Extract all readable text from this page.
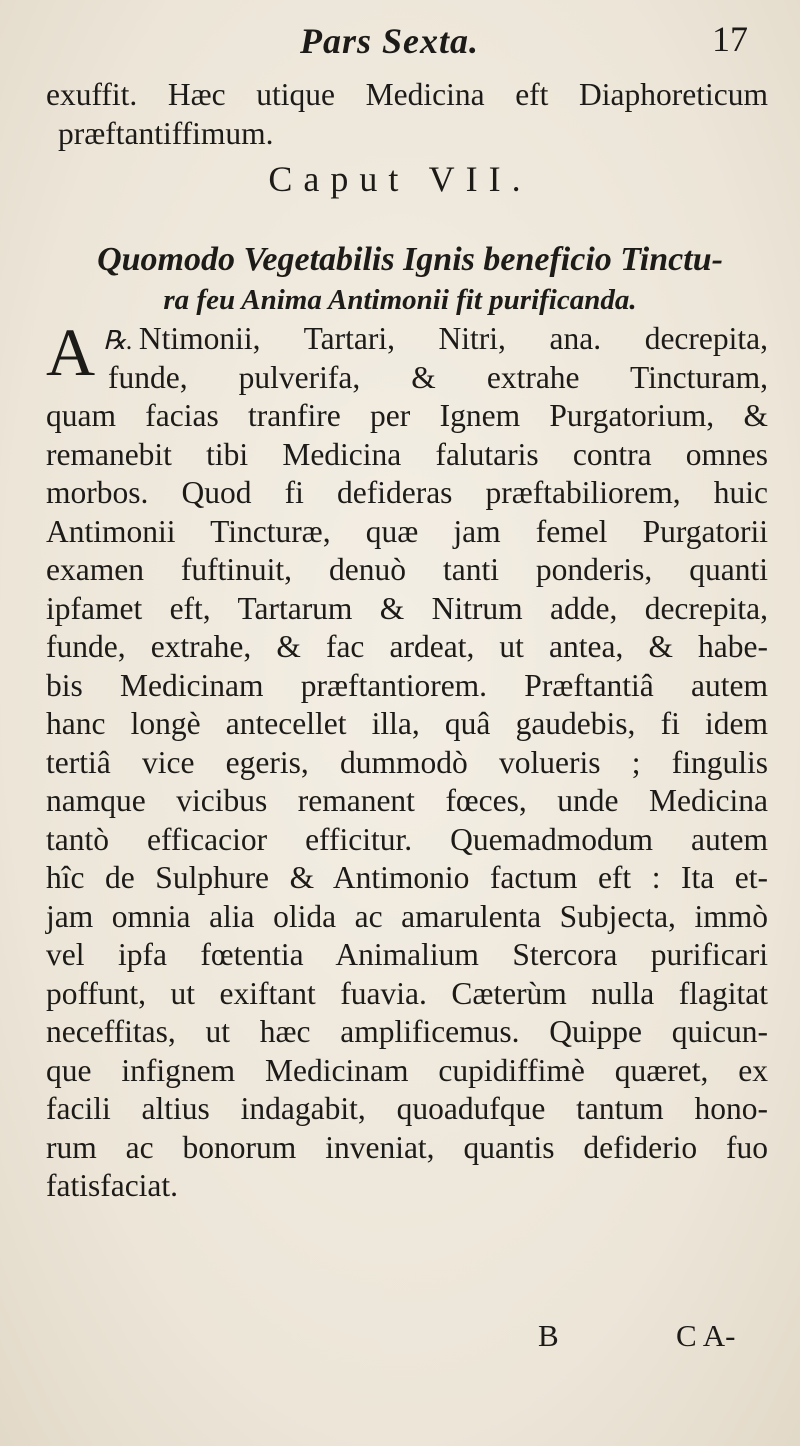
Pars Sexta.	17
exuffit. Hæc utique Medicina eft Diaphoreticum
præftantiffimum.
Caput VII.
Quomodo Vegetabilis Ignis beneficio Tinctu-
ra feu Anima Antimonii fit purificanda.
℞.
A Ntimonii, Tartari, Nitri, ana. decrepita,
funde, pulverifa, & extrahe Tincturam,
quam facias tranfire per Ignem Purgatorium, &
remanebit tibi Medicina falutaris contra omnes
morbos. Quod fi defideras præftabiliorem, huic
Antimonii Tincturæ, quæ jam femel Purgatorii
examen fuftinuit, denuò tanti ponderis, quanti
ipfamet eft, Tartarum & Nitrum adde, decrepita,
funde, extrahe, & fac ardeat, ut antea, & habe-
bis Medicinam præftantiorem. Præftantiâ autem
hanc longè antecellet illa, quâ gaudebis, fi idem
tertiâ vice egeris, dummodò volueris ; fingulis
namque vicibus remanent fœces, unde Medicina
tantò efficacior efficitur. Quemadmodum autem
hîc de Sulphure & Antimonio factum eft : Ita et-
jam omnia alia olida ac amarulenta Subjecta, immò
vel ipfa fœtentia Animalium Stercora purificari
poffunt, ut exiftant fuavia. Cæterùm nulla flagitat
neceffitas, ut hæc amplificemus. Quippe quicun-
que infignem Medicinam cupidiffimè quæret, ex
facili altius indagabit, quoadufque tantum hono-
rum ac bonorum inveniat, quantis defiderio fuo
fatisfaciat.
B	C A-
